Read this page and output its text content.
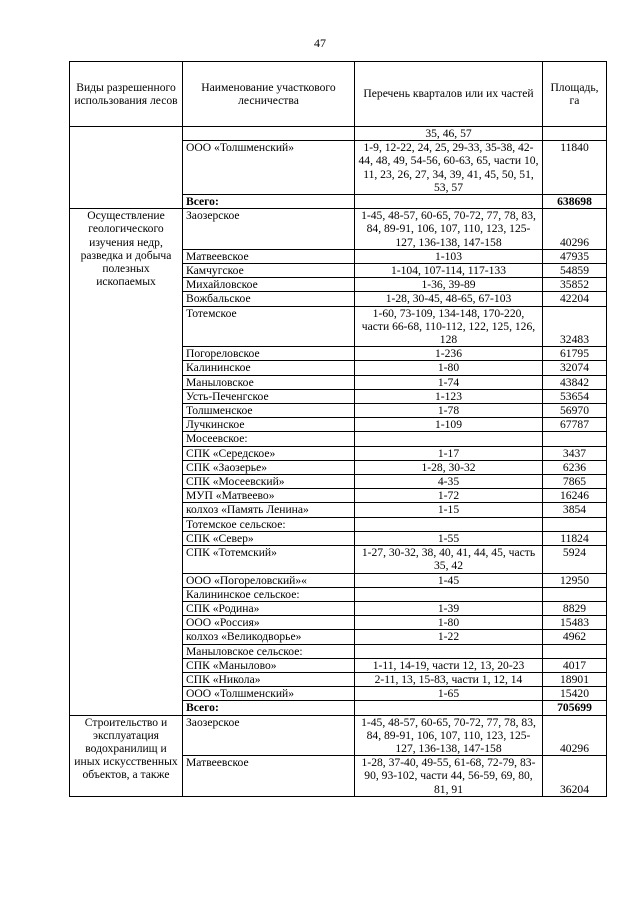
47
Виды разрешенного использования лесов	Наименование участкового лесничества	Перечень кварталов или их частей	Площадь, га
		35, 46, 57	
	ООО «Толшменский»	1-9, 12-22, 24, 25, 29-33, 35-38, 42-44, 48, 49, 54-56, 60-63, 65, части 10, 11, 23, 26, 27, 34, 39, 41, 45, 50, 51, 53, 57	11840
	Всего:		638698
Осуществление геологического изучения недр, разведка и добыча полезных ископаемых	Заозерское	1-45, 48-57, 60-65, 70-72, 77, 78, 83, 84, 89-91, 106, 107, 110, 123, 125-127, 136-138, 147-158	40296
	Матвеевское	1-103	47935
	Камчугское	1-104, 107-114, 117-133	54859
	Михайловское	1-36, 39-89	35852
	Вожбальское	1-28, 30-45, 48-65, 67-103	42204
	Тотемское	1-60, 73-109, 134-148, 170-220, части 66-68, 110-112, 122, 125, 126, 128	32483
	Погореловское	1-236	61795
	Калининское	1-80	32074
	Маныловское	1-74	43842
	Усть-Печенгское	1-123	53654
	Толшменское	1-78	56970
	Лучкинское	1-109	67787
	Мосеевское:		
	СПК «Середское»	1-17	3437
	СПК «Заозерье»	1-28, 30-32	6236
	СПК «Мосеевский»	4-35	7865
	МУП «Матвеево»	1-72	16246
	колхоз «Память Ленина»	1-15	3854
	Тотемское сельское:		
	СПК «Север»	1-55	11824
	СПК «Тотемский»	1-27, 30-32, 38, 40, 41, 44, 45, часть 35, 42	5924
	ООО «Погореловский»«	1-45	12950
	Калининское сельское:		
	СПК «Родина»	1-39	8829
	ООО «Россия»	1-80	15483
	колхоз «Великодворье»	1-22	4962
	Маныловское сельское:		
	СПК «Манылово»	1-11, 14-19, части 12, 13, 20-23	4017
	СПК «Никола»	2-11, 13, 15-83, части 1, 12, 14	18901
	ООО «Толшменский»	1-65	15420
	Всего:		705699
Строительство и эксплуатация водохранилищ и иных искусственных объектов, а также	Заозерское	1-45, 48-57, 60-65, 70-72, 77, 78, 83, 84, 89-91, 106, 107, 110, 123, 125-127, 136-138, 147-158	40296
	Матвеевское	1-28, 37-40, 49-55, 61-68, 72-79, 83-90, 93-102, части 44, 56-59, 69, 80, 81, 91	36204
